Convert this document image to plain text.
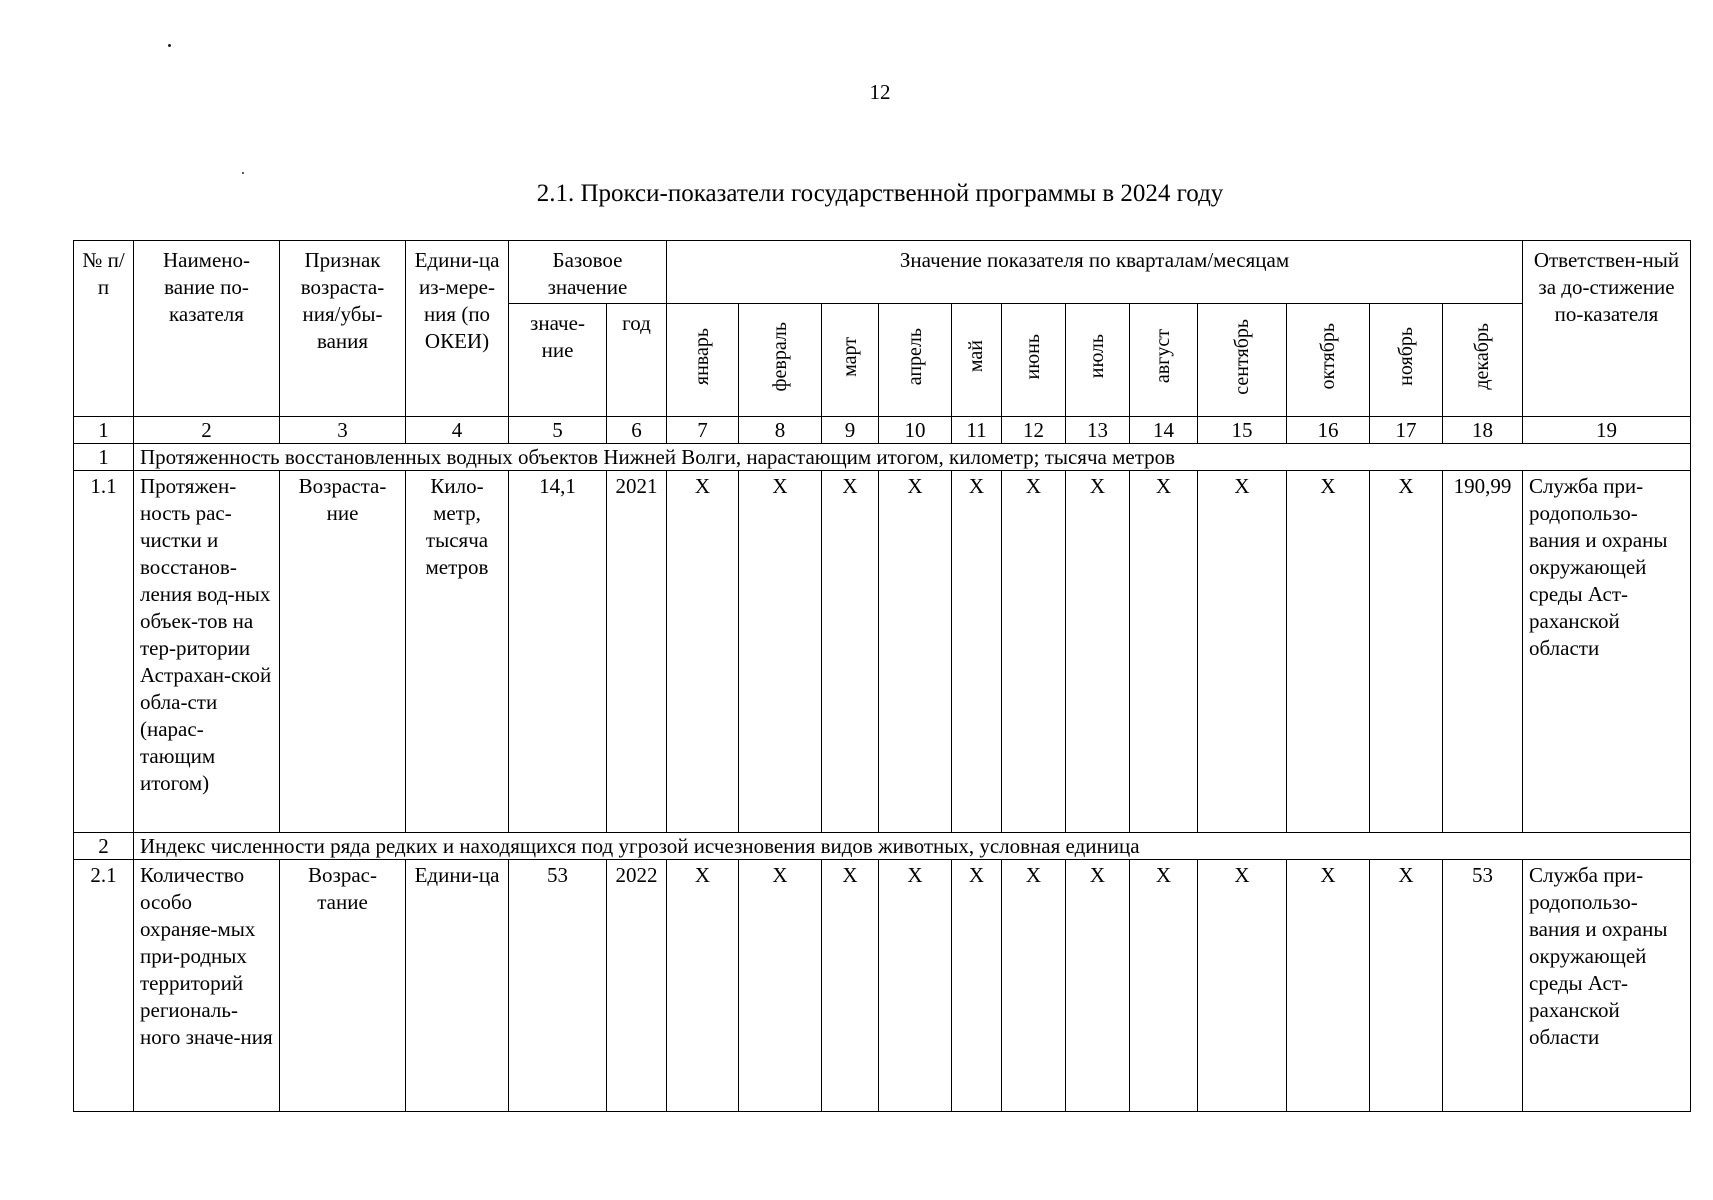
12
2.1. Прокси-показатели государственной программы в 2024 году
№ п/п	Наимено-вание по-казателя	Признак возраста-ния/убы-вания	Едини-ца из-мере-ния (по ОКЕИ)	Базовое значение		Значение показателя по кварталам/месяцам												Ответствен-ный за до-стижение по-казателя
				значе-ние	год	январь	февраль	март	апрель	май	июнь	июль	август	сентябрь	октябрь	ноябрь	декабрь	
1	2	3	4	5	6	7	8	9	10	11	12	13	14	15	16	17	18	19
1	Протяженность восстановленных водных объектов Нижней Волги, нарастающим итогом, километр; тысяча метров																	
1.1	Протяжен-ность рас-чистки и восстанов-ления вод-ных объек-тов на тер-ритории Астрахан-ской обла-сти (нарас-тающим итогом)	Возраста-ние	Кило-метр, тысяча метров	14,1	2021	X	X	X	X	X	X	X	X	X	X	X	190,99	Служба при-родопользо-вания и охраны окружающей среды Аст-раханской области
2	Индекс численности ряда редких и находящихся под угрозой исчезновения видов животных, условная единица																	
2.1	Количество особо охраняе-мых при-родных территорий региональ-ного значе-ния	Возрас-тание	Едини-ца	53	2022	X	X	X	X	X	X	X	X	X	X	X	53	Служба при-родопользо-вания и охраны окружающей среды Аст-раханской области
